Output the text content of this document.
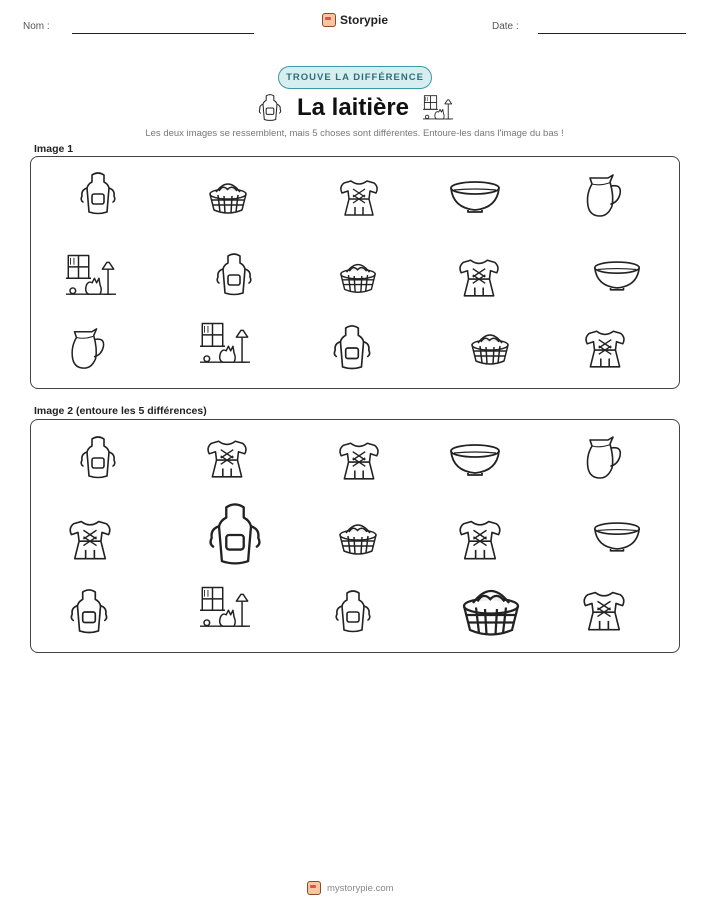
Nom :	Storypie	Date :
TROUVE LA DIFFÉRENCE
La laitière
Les deux images se ressemblent, mais 5 choses sont différentes. Entoure-les dans l'image du bas !
Image 1
Image 2 (entoure les 5 différences)
mystorypie.com
